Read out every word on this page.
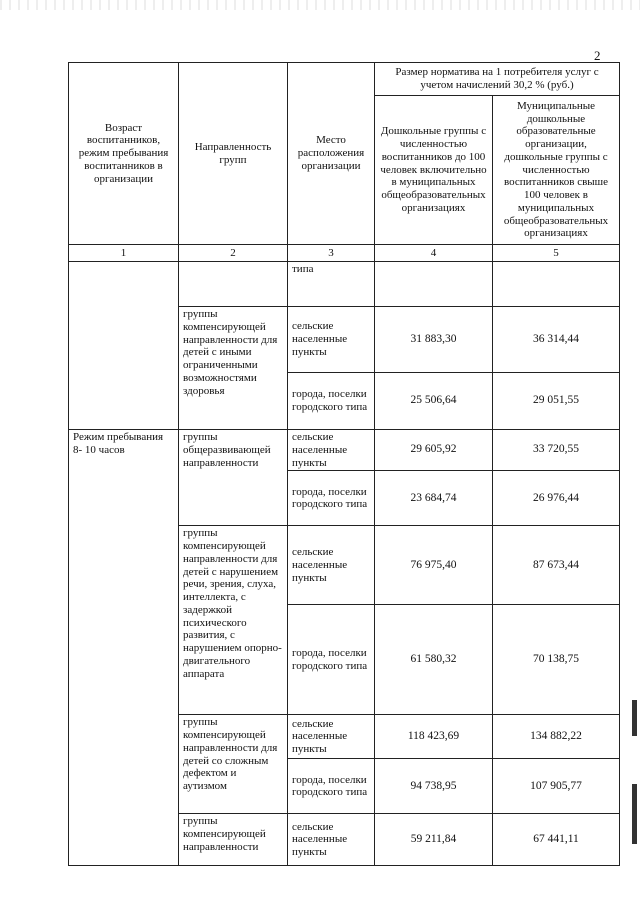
2
Возраст воспитанников, режим пребывания воспитанников в организации	Направленность групп	Место расположения организации	Размер норматива на 1 потребителя услуг с учетом начислений 30,2 % (руб.)	
			Дошкольные группы с численностью воспитанников до 100 человек включительно в муниципальных общеобразовательных организациях	Муниципальные дошкольные образовательные организации, дошкольные группы с численностью воспитанников свыше 100 человек в муниципальных общеобразовательных организациях
1	2	3	4	5
		типа		
	группы компенсирующей направленности для детей с иными ограниченными возможностями здоровья	сельские населенные пункты	31 883,30	36 314,44
		города, поселки городского типа	25 506,64	29 051,55
Режим пребывания 8- 10 часов	группы общеразвивающей направленности	сельские населенные пункты	29 605,92	33 720,55
		города, поселки городского типа	23 684,74	26 976,44
	группы компенсирующей направленности для детей с нарушением речи, зрения, слуха, интеллекта, с задержкой психического развития, с нарушением опорно-двигательного аппарата	сельские населенные пункты	76 975,40	87 673,44
		города, поселки городского типа	61 580,32	70 138,75
	группы компенсирующей направленности для детей со сложным дефектом и аутизмом	сельские населенные пункты	118 423,69	134 882,22
		города, поселки городского типа	94 738,95	107 905,77
	группы компенсирующей направленности	сельские населенные пункты	59 211,84	67 441,11
